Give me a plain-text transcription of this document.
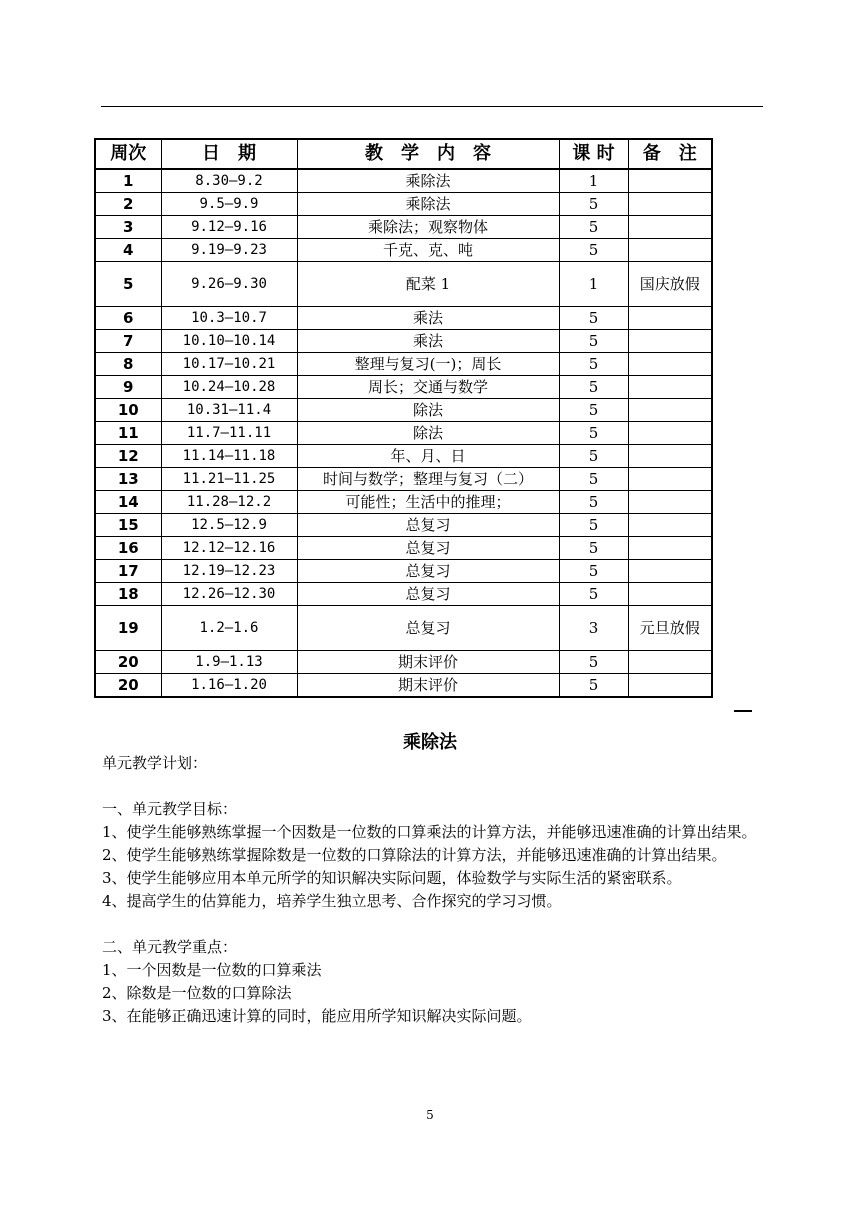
周次	日　期	教　学　内　容	课 时	备　注
1	8.30—9.2	乘除法	1	
2	9.5—9.9	乘除法	5	
3	9.12—9.16	乘除法；观察物体	5	
4	9.19—9.23	千克、克、吨	5	
5	9.26—9.30	配菜 1	1	国庆放假
6	10.3—10.7	乘法	5	
7	10.10—10.14	乘法	5	
8	10.17—10.21	整理与复习(一)；周长	5	
9	10.24—10.28	周长；交通与数学	5	
10	10.31—11.4	除法	5	
11	11.7—11.11	除法	5	
12	11.14—11.18	年、月、日	5	
13	11.21—11.25	时间与数学；整理与复习（二）	5	
14	11.28—12.2	可能性；生活中的推理；	5	
15	12.5—12.9	总复习	5	
16	12.12—12.16	总复习	5	
17	12.19—12.23	总复习	5	
18	12.26—12.30	总复习	5	
19	1.2—1.6	总复习	3	元旦放假
20	1.9—1.13	期末评价	5	
20	1.16—1.20	期末评价	5	
乘除法

单元教学计划：

一、单元教学目标：

1、使学生能够熟练掌握一个因数是一位数的口算乘法的计算方法，并能够迅速准确的计算出结果。

2、使学生能够熟练掌握除数是一位数的口算除法的计算方法，并能够迅速准确的计算出结果。

3、使学生能够应用本单元所学的知识解决实际问题，体验数学与实际生活的紧密联系。

4、提高学生的估算能力，培养学生独立思考、合作探究的学习习惯。

二、单元教学重点：

1、一个因数是一位数的口算乘法

2、除数是一位数的口算除法

3、在能够正确迅速计算的同时，能应用所学知识解决实际问题。

5
